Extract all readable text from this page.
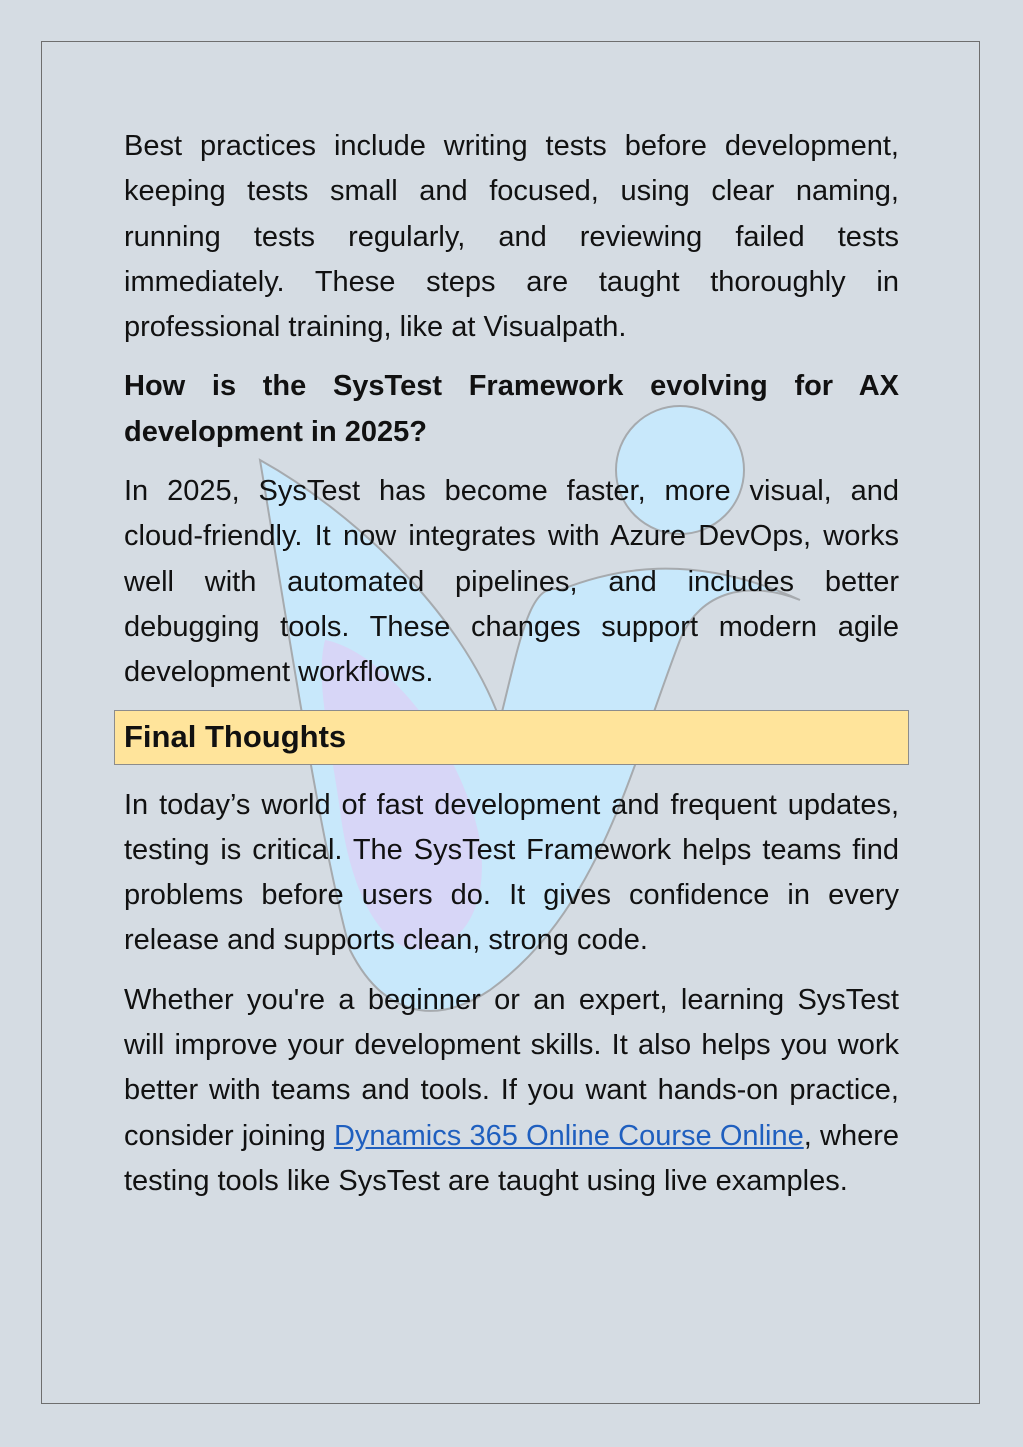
Best practices include writing tests before development, keeping tests small and focused, using clear naming, running tests regularly, and reviewing failed tests immediately. These steps are taught thoroughly in professional training, like at Visualpath.

How is the SysTest Framework evolving for AX development in 2025?

In 2025, SysTest has become faster, more visual, and cloud-friendly. It now integrates with Azure DevOps, works well with automated pipelines, and includes better debugging tools. These changes support modern agile development workflows.

Final Thoughts

In today’s world of fast development and frequent updates, testing is critical. The SysTest Framework helps teams find problems before users do. It gives confidence in every release and supports clean, strong code.

Whether you're a beginner or an expert, learning SysTest will improve your development skills. It also helps you work better with teams and tools. If you want hands-on practice, consider joining Dynamics 365 Online Course Online, where testing tools like SysTest are taught using live examples.
